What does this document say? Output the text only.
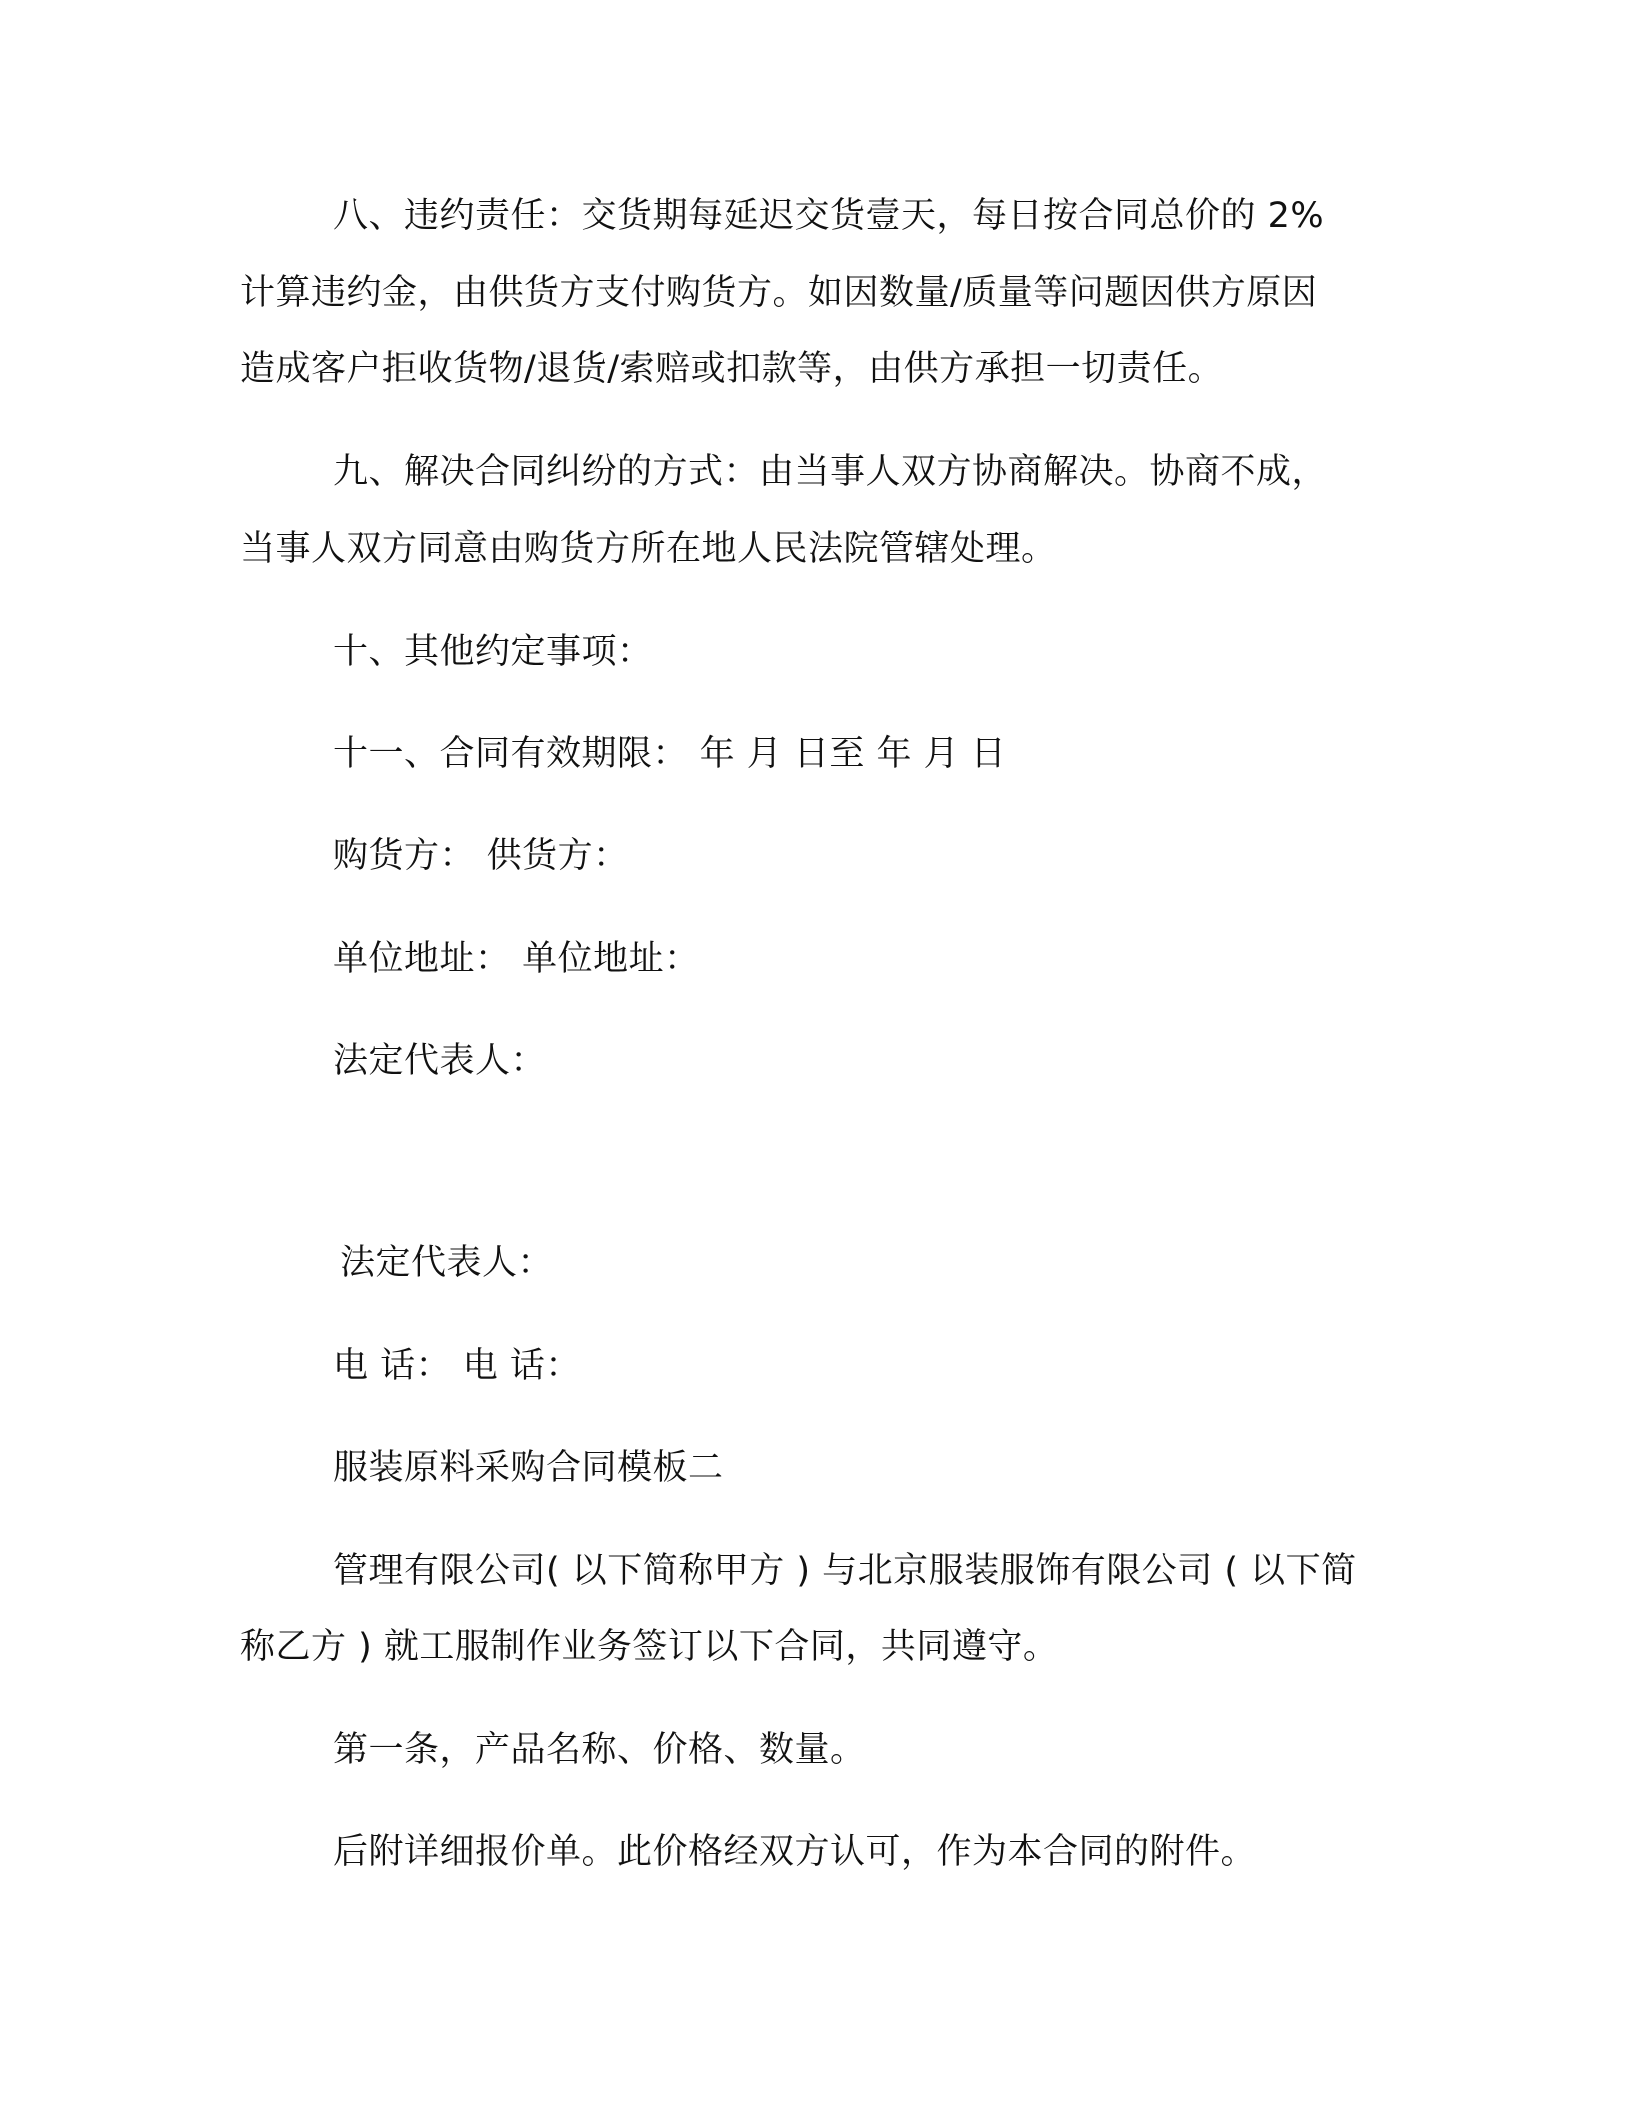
八、违约责任：交货期每延迟交货壹天，每日按合同总价的 2%

计算违约金，由供货方支付购货方。如因数量/质量等问题因供方原因

造成客户拒收货物/退货/索赔或扣款等，由供方承担一切责任。

九、解决合同纠纷的方式：由当事人双方协商解决。协商不成，

当事人双方同意由购货方所在地人民法院管辖处理。

十、其他约定事项：

十一、合同有效期限： 年 月 日至 年 月 日

购货方： 供货方：

单位地址： 单位地址：

法定代表人：

法定代表人：

电 话： 电 话：

服装原料采购合同模板二

管理有限公司( 以下简称甲方 ) 与北京服装服饰有限公司 ( 以下简

称乙方 ) 就工服制作业务签订以下合同，共同遵守。

第一条，产品名称、价格、数量。

后附详细报价单。此价格经双方认可，作为本合同的附件。
